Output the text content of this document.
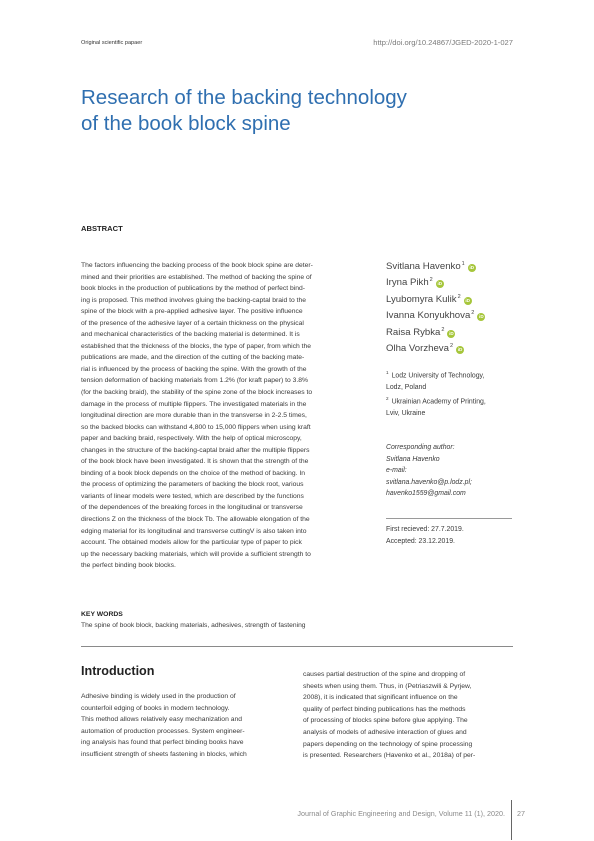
Original scientific papaer	http://doi.org/10.24867/JGED-2020-1-027
Research of the backing technology
of the book block spine
ABSTRACT
The factors influencing the backing process of the book block spine are deter-
mined and their priorities are established. The method of backing the spine of
book blocks in the production of publications by the method of perfect bind-
ing is proposed. This method involves gluing the backing-captal braid to the
spine of the block with a pre-applied adhesive layer. The positive influence
of the presence of the adhesive layer of a certain thickness on the physical
and mechanical characteristics of the backing material is determined. It is
established that the thickness of the blocks, the type of paper, from which the
publications are made, and the direction of the cutting of the backing mate-
rial is influenced by the process of backing the spine. With the growth of the
tension deformation of backing materials from 1.2% (for kraft paper) to 3.8%
(for the backing braid), the stability of the spine zone of the block increases to
damage in the process of multiple flippers. The investigated materials in the
longitudinal direction are more durable than in the transverse in 2-2.5 times,
so the backed blocks can withstand 4,800 to 15,000 flippers when using kraft
paper and backing braid, respectively. With the help of optical microscopy,
changes in the structure of the backing-captal braid after the multiple flippers
of the book block have been investigated. It is shown that the strength of the
binding of a book block depends on the choice of the method of backing. In
the process of optimizing the parameters of backing the block root, various
variants of linear models were tested, which are described by the functions
of the dependences of the breaking forces in the longitudinal or transverse
directions Z on the thickness of the block Tb. The allowable elongation of the
edging material for its longitudinal and transverse cuttingV is also taken into
account. The obtained models allow for the particular type of paper to pick
up the necessary backing materials, which will provide a sufficient strength to
the perfect binding book blocks.
Svitlana Havenko$^1$iD
Iryna Pikh$^2$iD
Lyubomyra Kulik$^2$iD
Ivanna Konyukhova$^2$iD
Raisa Rybka$^2$iD
Olha Vorzheva$^2$iD
$^1$ Lodz University of Technology,
Lodz, Poland
$^2$ Ukrainian Academy of Printing,
Lviv, Ukraine
Corresponding author:
Svitlana Havenko
e-mail:
svitlana.havenko@p.lodz.pl;
havenko1559@gmail.com
First recieved: 27.7.2019.
Accepted: 23.12.2019.
KEY WORDS
The spine of book block, backing materials, adhesives, strength of fastening
Introduction
Adhesive binding is widely used in the production of
counterfoil edging of books in modern technology.
This method allows relatively easy mechanization and
automation of production processes. System engineer-
ing analysis has found that perfect binding books have
insufficient strength of sheets fastening in blocks, which
causes partial destruction of the spine and dropping of
sheets when using them. Thus, in (Petriaszwili & Pyrjew,
2008), it is indicated that significant influence on the
quality of perfect binding publications has the methods
of processing of blocks spine before glue applying. The
analysis of models of adhesive interaction of glues and
papers depending on the technology of spine processing
is presented. Researchers (Havenko et al., 2018a) of per-
Journal of Graphic Engineering and Design, Volume 11 (1), 2020. 27
